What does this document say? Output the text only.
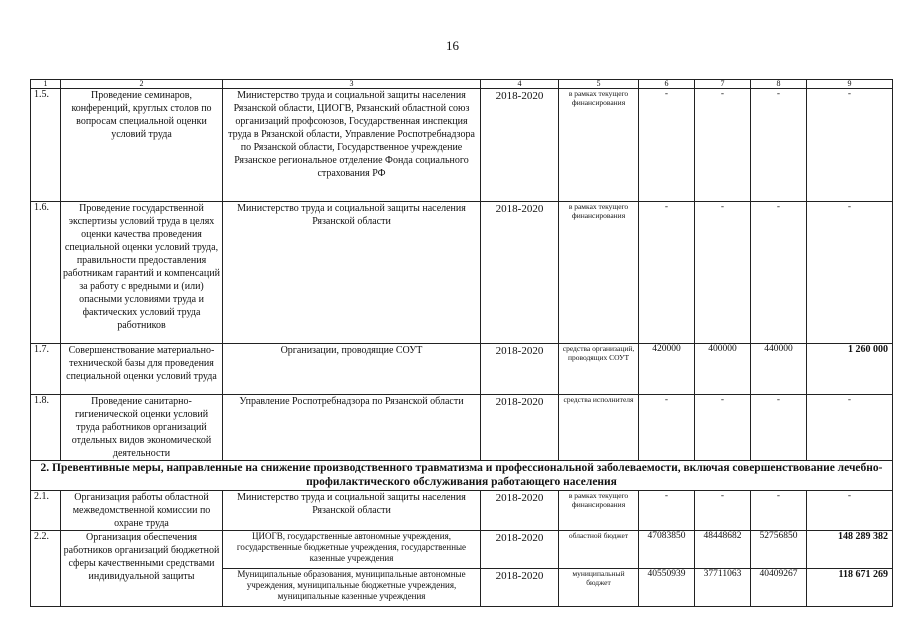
16
1	2	3	4	5	6	7	8	9
1.5.	Проведение семинаров, конференций, круглых столов по вопросам специальной оценки условий труда	Министерство труда и социальной защиты населения Рязанской области, ЦИОГВ, Рязанский областной союз организаций профсоюзов, Государственная инспекция труда в Рязанской области, Управление Роспотребнадзора по Рязанской области, Государственное учреждение Рязанское региональное отделение Фонда социального страхования РФ	2018-2020	в рамках текущего финансирования	-	-	-	-
1.6.	Проведение государственной экспертизы условий труда в целях оценки качества проведения специальной оценки условий труда, правильности предоставления работникам гарантий и компенсаций за работу с вредными и (или) опасными условиями труда и фактических условий труда работников	Министерство труда и социальной защиты населения Рязанской области	2018-2020	в рамках текущего финансирования	-	-	-	-
1.7.	Совершенствование материально-технической базы для проведения специальной оценки условий труда	Организации, проводящие СОУТ	2018-2020	средства организаций, проводящих СОУТ	420000	400000	440000	1 260 000
1.8.	Проведение санитарно-гигиенической оценки условий труда работников организаций отдельных видов экономической деятельности	Управление Роспотребнадзора по Рязанской области	2018-2020	средства исполнителя	-	-	-	-
2. Превентивные меры, направленные на снижение производственного травматизма и профессиональной заболеваемости, включая совершенствование лечебно-профилактического обслуживания работающего населения								
2.1.	Организация работы областной межведомственной комиссии по охране труда	Министерство труда и социальной защиты населения Рязанской области	2018-2020	в рамках текущего финансирования	-	-	-	-
2.2.	Организация обеспечения работников организаций бюджетной сферы качественными средствами индивидуальной защиты	ЦИОГВ, государственные автономные учреждения, государственные бюджетные учреждения, государственные казенные учреждения	2018-2020	областной бюджет	47083850	48448682	52756850	148 289 382
		Муниципальные образования, муниципальные автономные учреждения, муниципальные бюджетные учреждения, муниципальные казенные учреждения	2018-2020	муниципальный бюджет	40550939	37711063	40409267	118 671 269
